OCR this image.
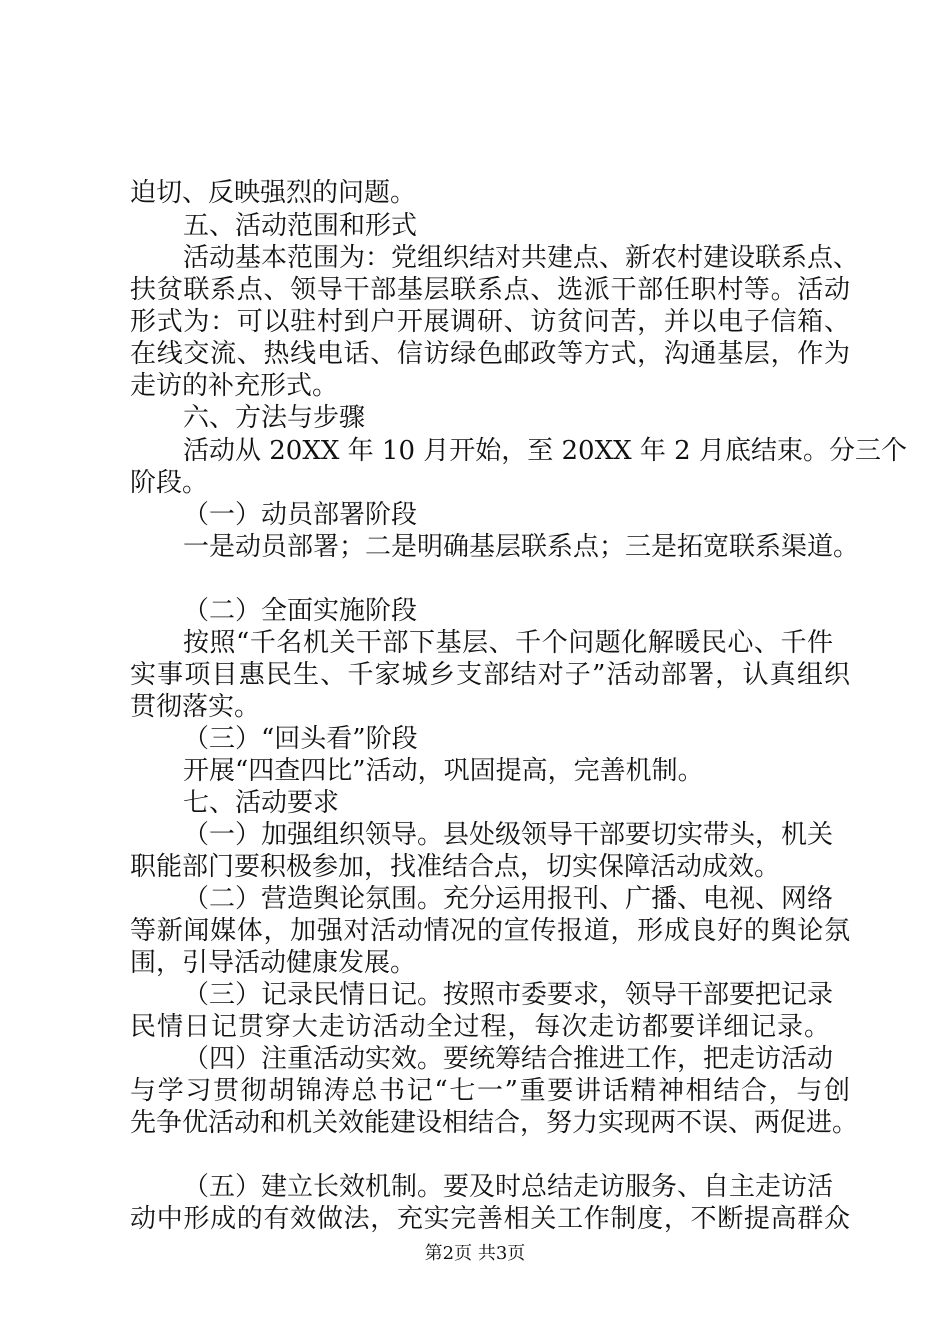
迫切、反映强烈的问题。
五、活动范围和形式
活动基本范围为：党组织结对共建点、新农村建设联系点、
扶贫联系点、领导干部基层联系点、选派干部任职村等。活动
形式为：可以驻村到户开展调研、访贫问苦，并以电子信箱、
在线交流、热线电话、信访绿色邮政等方式，沟通基层，作为
走访的补充形式。
六、方法与步骤
活动从 20XX 年 10 月开始，至 20XX 年 2 月底结束。分三个
阶段。
（一）动员部署阶段
一是动员部署；二是明确基层联系点；三是拓宽联系渠道。
（二）全面实施阶段
按照“千名机关干部下基层、千个问题化解暖民心、千件
实事项目惠民生、千家城乡支部结对子”活动部署，认真组织
贯彻落实。
（三）“回头看”阶段
开展“四查四比”活动，巩固提高，完善机制。
七、活动要求
（一）加强组织领导。县处级领导干部要切实带头，机关
职能部门要积极参加，找准结合点，切实保障活动成效。
（二）营造舆论氛围。充分运用报刊、广播、电视、网络
等新闻媒体，加强对活动情况的宣传报道，形成良好的舆论氛
围，引导活动健康发展。
（三）记录民情日记。按照市委要求，领导干部要把记录
民情日记贯穿大走访活动全过程，每次走访都要详细记录。
（四）注重活动实效。要统筹结合推进工作，把走访活动
与学习贯彻胡锦涛总书记“七一”重要讲话精神相结合，与创
先争优活动和机关效能建设相结合，努力实现两不误、两促进。
（五）建立长效机制。要及时总结走访服务、自主走访活
动中形成的有效做法，充实完善相关工作制度，不断提高群众
第2页 共3页
